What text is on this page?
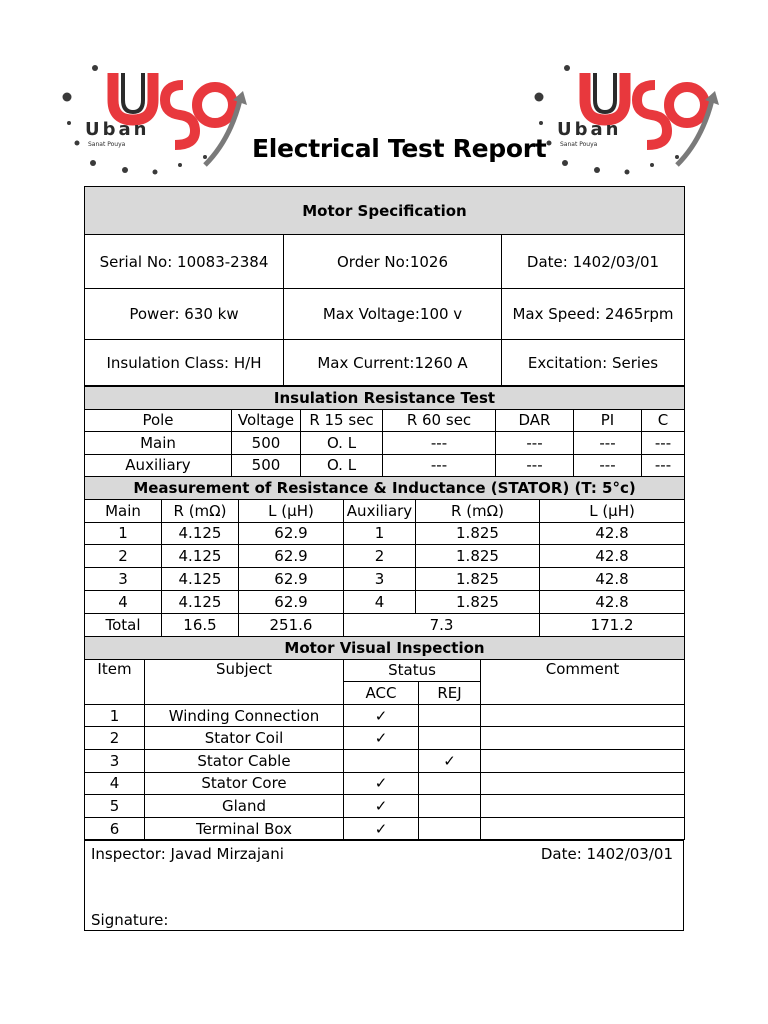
Uban
Sanat Pouya
Uban
Sanat Pouya
Electrical Test Report
Motor Specification		
Serial No: 10083-2384	Order No:1026	Date: 1402/03/01
Power: 630 kw	Max Voltage:100 v	Max Speed: 2465rpm
Insulation Class: H/H	Max Current:1260 A	Excitation: Series
Insulation Resistance Test						
Pole	Voltage	R 15 sec	R 60 sec	DAR	PI	C
Main	500	O. L	---	---	---	---
Auxiliary	500	O. L	---	---	---	---
Measurement of Resistance & Inductance (STATOR) (T: 5°c)					
Main	R (mΩ)	L (µH)	Auxiliary	R (mΩ)	L (µH)
1	4.125	62.9	1	1.825	42.8
2	4.125	62.9	2	1.825	42.8
3	4.125	62.9	3	1.825	42.8
4	4.125	62.9	4	1.825	42.8
Total	16.5	251.6	7.3		171.2
Motor Visual Inspection				
Item	Subject	Status		Comment
		ACC	REJ	
1	Winding Connection	✓		
2	Stator Coil	✓		
3	Stator Cable		✓	
4	Stator Core	✓		
5	Gland	✓		
6	Terminal Box	✓		
Inspector: Javad Mirzajani	Date: 1402/03/01
Signature:
